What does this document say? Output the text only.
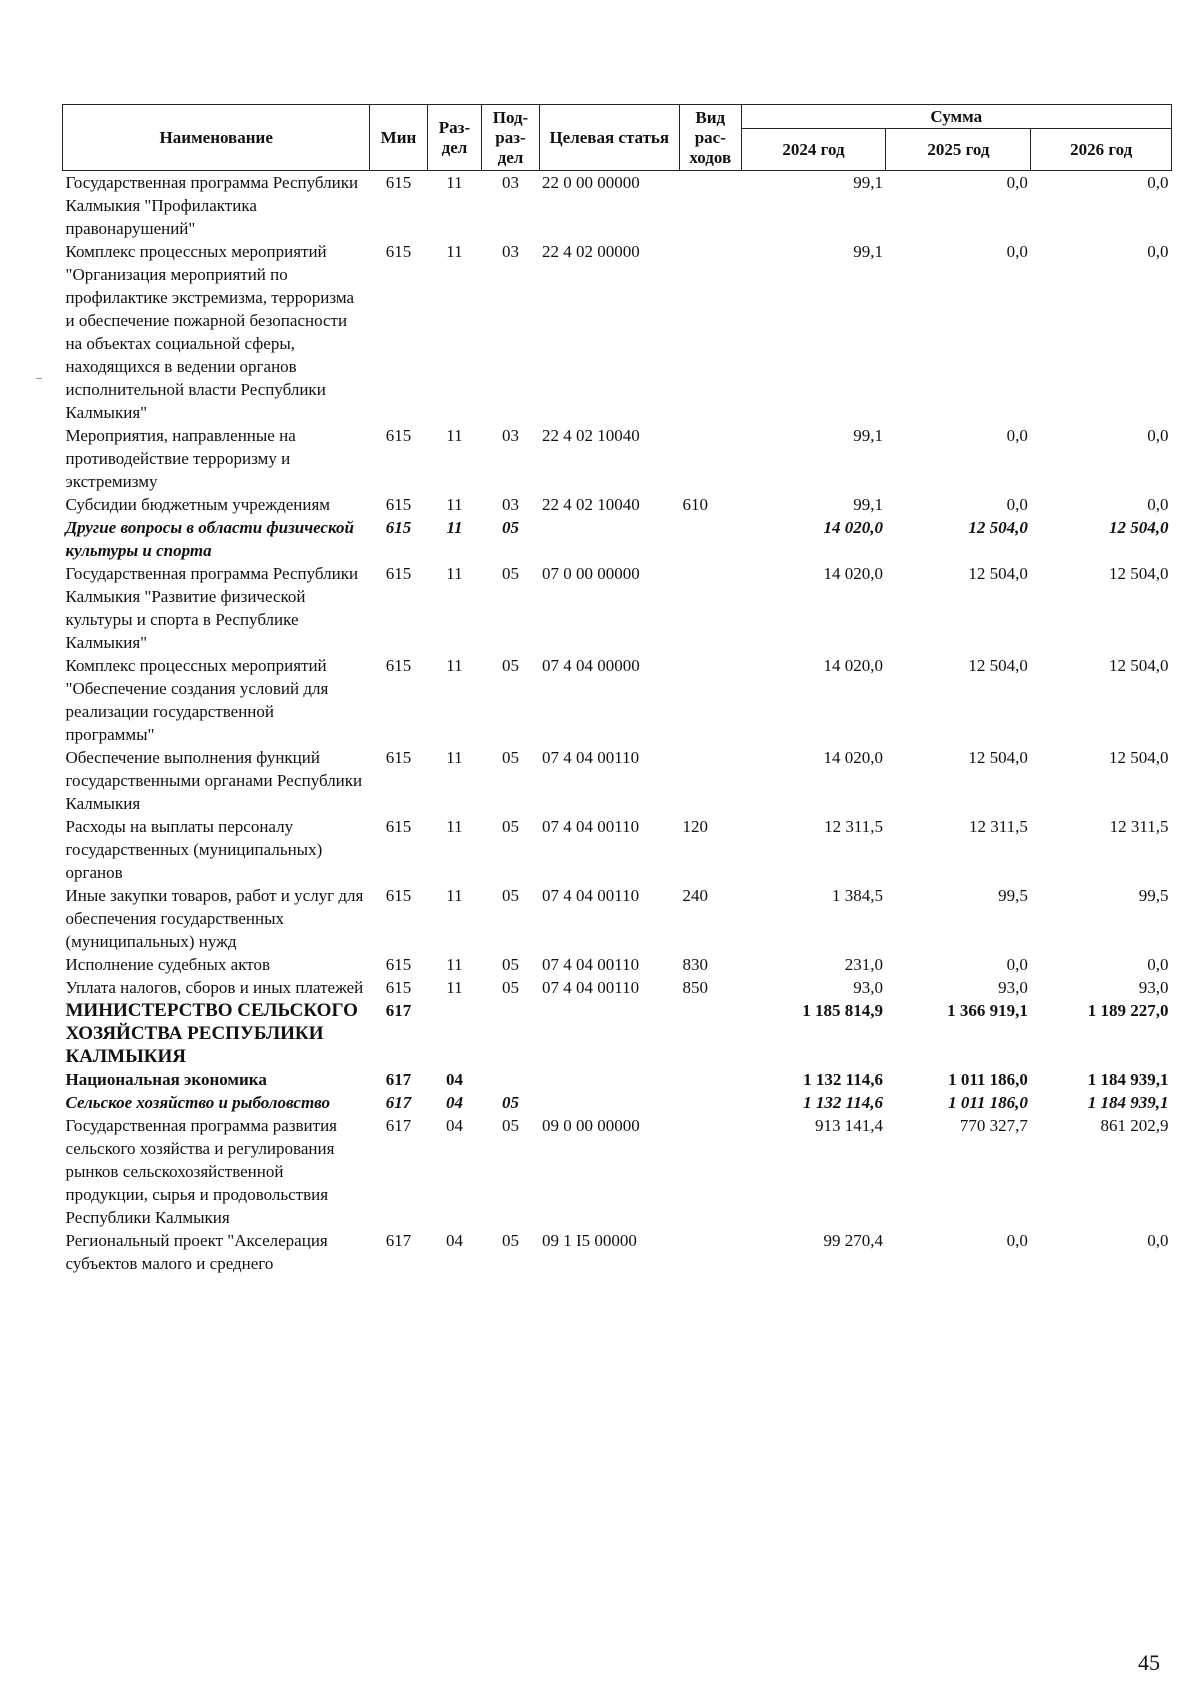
Наименование	Мин	Раз-дел	Под-раз-дел	Целевая статья	Вид рас-ходов	Сумма		
						2024 год	2025 год	2026 год
Государственная программа Республики Калмыкия "Профилактика правонарушений"	615	11	03	22 0 00 00000		99,1	0,0	0,0
Комплекс процессных мероприятий "Организация мероприятий по профилактике экстремизма, терроризма и обеспечение пожарной безопасности на объектах социальной сферы, находящихся в ведении органов исполнительной власти Республики Калмыкия"	615	11	03	22 4 02 00000		99,1	0,0	0,0
Мероприятия, направленные на противодействие терроризму и экстремизму	615	11	03	22 4 02 10040		99,1	0,0	0,0
Субсидии бюджетным учреждениям	615	11	03	22 4 02 10040	610	99,1	0,0	0,0
Другие вопросы в области физической культуры и спорта	615	11	05			14 020,0	12 504,0	12 504,0
Государственная программа Республики Калмыкия "Развитие физической культуры и спорта в Республике Калмыкия"	615	11	05	07 0 00 00000		14 020,0	12 504,0	12 504,0
Комплекс процессных мероприятий "Обеспечение создания условий для реализации государственной программы"	615	11	05	07 4 04 00000		14 020,0	12 504,0	12 504,0
Обеспечение выполнения функций государственными органами Республики Калмыкия	615	11	05	07 4 04 00110		14 020,0	12 504,0	12 504,0
Расходы на выплаты персоналу государственных (муниципальных) органов	615	11	05	07 4 04 00110	120	12 311,5	12 311,5	12 311,5
Иные закупки товаров, работ и услуг для обеспечения государственных (муниципальных) нужд	615	11	05	07 4 04 00110	240	1 384,5	99,5	99,5
Исполнение судебных актов	615	11	05	07 4 04 00110	830	231,0	0,0	0,0
Уплата налогов, сборов и иных платежей	615	11	05	07 4 04 00110	850	93,0	93,0	93,0
МИНИСТЕРСТВО СЕЛЬСКОГО ХОЗЯЙСТВА РЕСПУБЛИКИ КАЛМЫКИЯ	617					1 185 814,9	1 366 919,1	1 189 227,0
Национальная экономика	617	04				1 132 114,6	1 011 186,0	1 184 939,1
Сельское хозяйство и рыболовство	617	04	05			1 132 114,6	1 011 186,0	1 184 939,1
Государственная программа развития сельского хозяйства и регулирования рынков сельскохозяйственной продукции, сырья и продовольствия Республики Калмыкия	617	04	05	09 0 00 00000		913 141,4	770 327,7	861 202,9
Региональный проект "Акселерация субъектов малого и среднего	617	04	05	09 1 I5 00000		99 270,4	0,0	0,0
45
